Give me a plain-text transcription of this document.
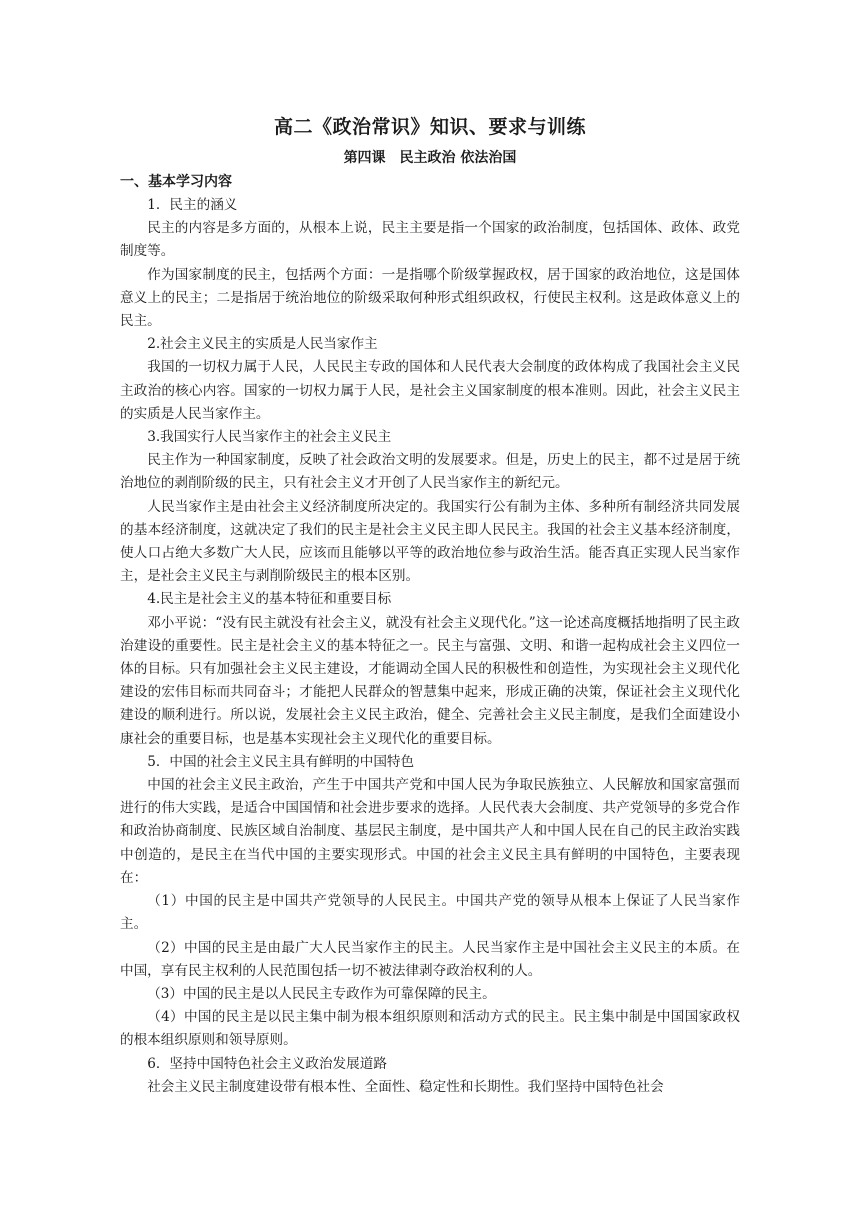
高二《政治常识》知识、要求与训练
第四课　民主政治 依法治国
一、基本学习内容

1．民主的涵义

民主的内容是多方面的，从根本上说，民主主要是指一个国家的政治制度，包括国体、政体、政党制度等。

作为国家制度的民主，包括两个方面：一是指哪个阶级掌握政权，居于国家的政治地位，这是国体意义上的民主；二是指居于统治地位的阶级采取何种形式组织政权，行使民主权利。这是政体意义上的民主。

2.社会主义民主的实质是人民当家作主

我国的一切权力属于人民，人民民主专政的国体和人民代表大会制度的政体构成了我国社会主义民主政治的核心内容。国家的一切权力属于人民，是社会主义国家制度的根本准则。因此，社会主义民主的实质是人民当家作主。

3.我国实行人民当家作主的社会主义民主

民主作为一种国家制度，反映了社会政治文明的发展要求。但是，历史上的民主，都不过是居于统治地位的剥削阶级的民主，只有社会主义才开创了人民当家作主的新纪元。

人民当家作主是由社会主义经济制度所决定的。我国实行公有制为主体、多种所有制经济共同发展的基本经济制度，这就决定了我们的民主是社会主义民主即人民民主。我国的社会主义基本经济制度，使人口占绝大多数广大人民，应该而且能够以平等的政治地位参与政治生活。能否真正实现人民当家作主，是社会主义民主与剥削阶级民主的根本区别。

4.民主是社会主义的基本特征和重要目标

邓小平说：“没有民主就没有社会主义，就没有社会主义现代化。”这一论述高度概括地指明了民主政治建设的重要性。民主是社会主义的基本特征之一。民主与富强、文明、和谐一起构成社会主义四位一体的目标。只有加强社会主义民主建设，才能调动全国人民的积极性和创造性，为实现社会主义现代化建设的宏伟目标而共同奋斗；才能把人民群众的智慧集中起来，形成正确的决策，保证社会主义现代化建设的顺利进行。所以说，发展社会主义民主政治，健全、完善社会主义民主制度，是我们全面建设小康社会的重要目标，也是基本实现社会主义现代化的重要目标。

5．中国的社会主义民主具有鲜明的中国特色

中国的社会主义民主政治，产生于中国共产党和中国人民为争取民族独立、人民解放和国家富强而进行的伟大实践，是适合中国国情和社会进步要求的选择。人民代表大会制度、共产党领导的多党合作和政治协商制度、民族区域自治制度、基层民主制度，是中国共产人和中国人民在自己的民主政治实践中创造的，是民主在当代中国的主要实现形式。中国的社会主义民主具有鲜明的中国特色，主要表现在：

（1）中国的民主是中国共产党领导的人民民主。中国共产党的领导从根本上保证了人民当家作主。

（2）中国的民主是由最广大人民当家作主的民主。人民当家作主是中国社会主义民主的本质。在中国，享有民主权利的人民范围包括一切不被法律剥夺政治权利的人。

（3）中国的民主是以人民民主专政作为可靠保障的民主。

（4）中国的民主是以民主集中制为根本组织原则和活动方式的民主。民主集中制是中国国家政权的根本组织原则和领导原则。

6．坚持中国特色社会主义政治发展道路

社会主义民主制度建设带有根本性、全面性、稳定性和长期性。我们坚持中国特色社会
